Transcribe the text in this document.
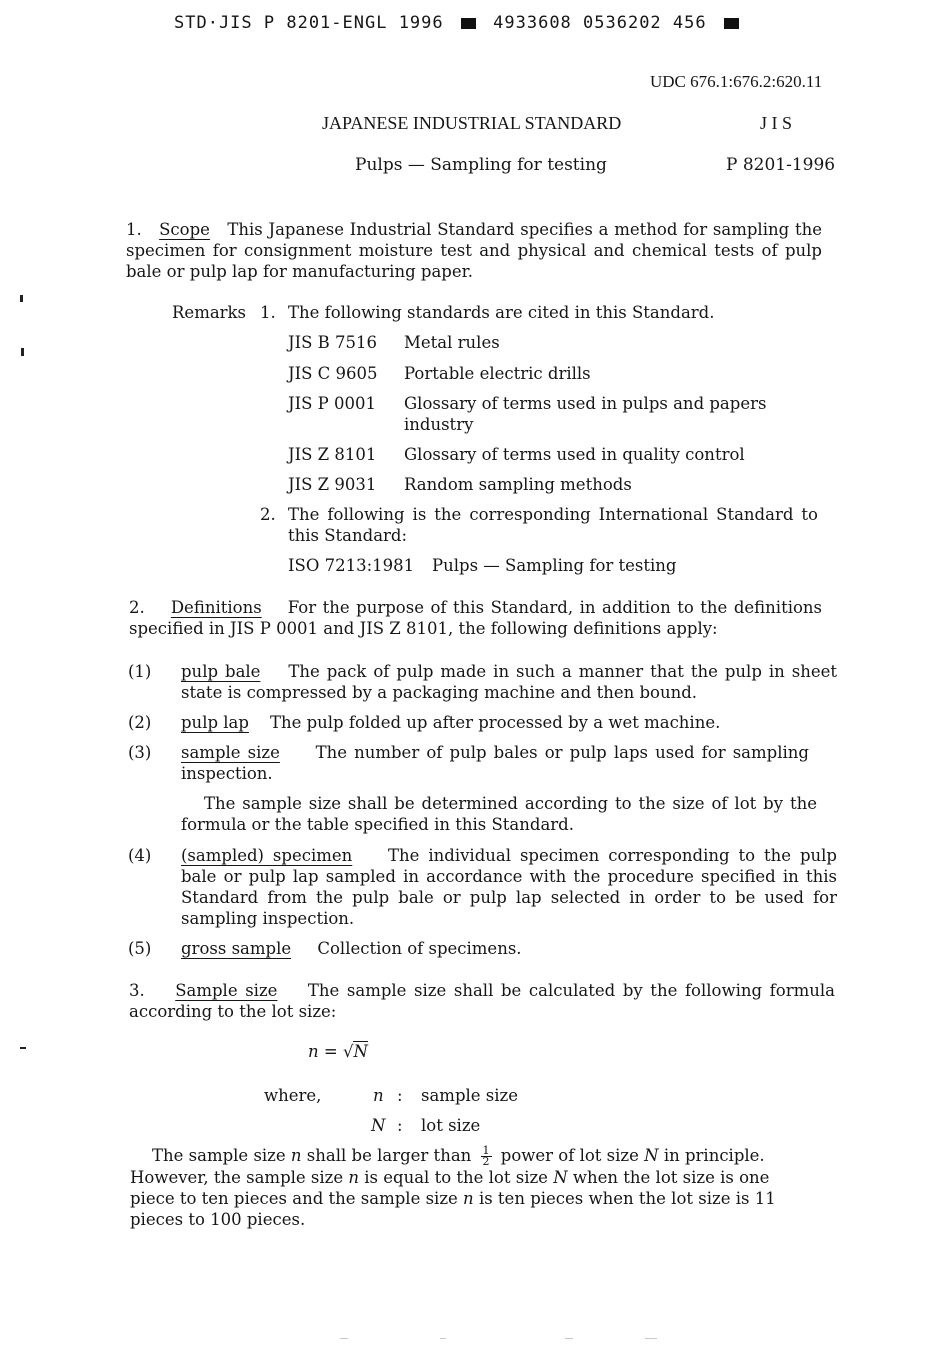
STD·JIS P 8201-ENGL 1996	4933608 0536202 456
UDC 676.1:676.2:620.11
JAPANESE INDUSTRIAL STANDARD	J I S
Pulps — Sampling for testing	P 8201-1996
1. Scope This Japanese Industrial Standard specifies a method for sampling the specimen for consignment moisture test and physical and chemical tests of pulp bale or pulp lap for manufacturing paper.
Remarks 1. The following standards are cited in this Standard.
JIS B 7516 Metal rules
JIS C 9605 Portable electric drills
JIS P 0001 Glossary of terms used in pulps and papers industry
JIS Z 8101 Glossary of terms used in quality control
JIS Z 9031 Random sampling methods
2. The following is the corresponding International Standard to this Standard:
ISO 7213:1981 Pulps — Sampling for testing
2. Definitions For the purpose of this Standard, in addition to the definitions specified in JIS P 0001 and JIS Z 8101, the following definitions apply:
(1) pulp bale The pack of pulp made in such a manner that the pulp in sheet state is compressed by a packaging machine and then bound.
(2) pulp lap The pulp folded up after processed by a wet machine.
(3) sample size The number of pulp bales or pulp laps used for sampling inspection.
The sample size shall be determined according to the size of lot by the formula or the table specified in this Standard.
(4) (sampled) specimen The individual specimen corresponding to the pulp bale or pulp lap sampled in accordance with the procedure specified in this Standard from the pulp bale or pulp lap selected in order to be used for sampling inspection.
(5) gross sample Collection of specimens.
3. Sample size The sample size shall be calculated by the following formula according to the lot size:
n = √N
where,	n : sample size
N : lot size
The sample size n shall be larger than $\frac{1}{2}$ power of lot size N in principle.
However, the sample size n is equal to the lot size N when the lot size is one
piece to ten pieces and the sample size n is ten pieces when the lot size is 11
pieces to 100 pieces.
